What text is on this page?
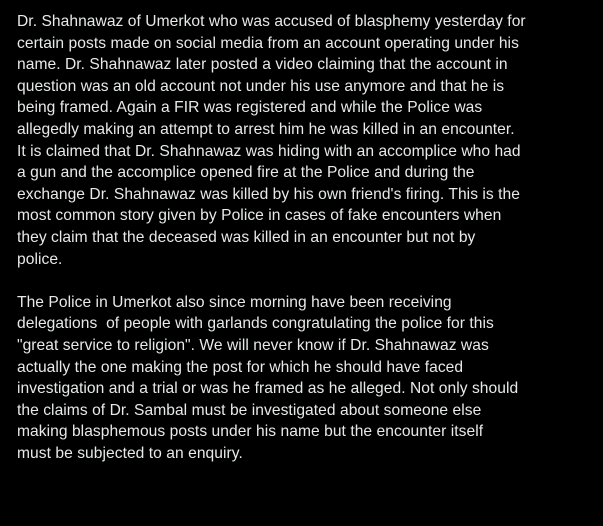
Dr. Shahnawaz of Umerkot who was accused of blasphemy yesterday for
certain posts made on social media from an account operating under his
name. Dr. Shahnawaz later posted a video claiming that the account in
question was an old account not under his use anymore and that he is
being framed. Again a FIR was registered and while the Police was
allegedly making an attempt to arrest him he was killed in an encounter.
It is claimed that Dr. Shahnawaz was hiding with an accomplice who had
a gun and the accomplice opened fire at the Police and during the
exchange Dr. Shahnawaz was killed by his own friend's firing. This is the
most common story given by Police in cases of fake encounters when
they claim that the deceased was killed in an encounter but not by
police.

The Police in Umerkot also since morning have been receiving
delegations  of people with garlands congratulating the police for this
"great service to religion". We will never know if Dr. Shahnawaz was
actually the one making the post for which he should have faced
investigation and a trial or was he framed as he alleged. Not only should
the claims of Dr. Sambal must be investigated about someone else
making blasphemous posts under his name but the encounter itself
must be subjected to an enquiry.
